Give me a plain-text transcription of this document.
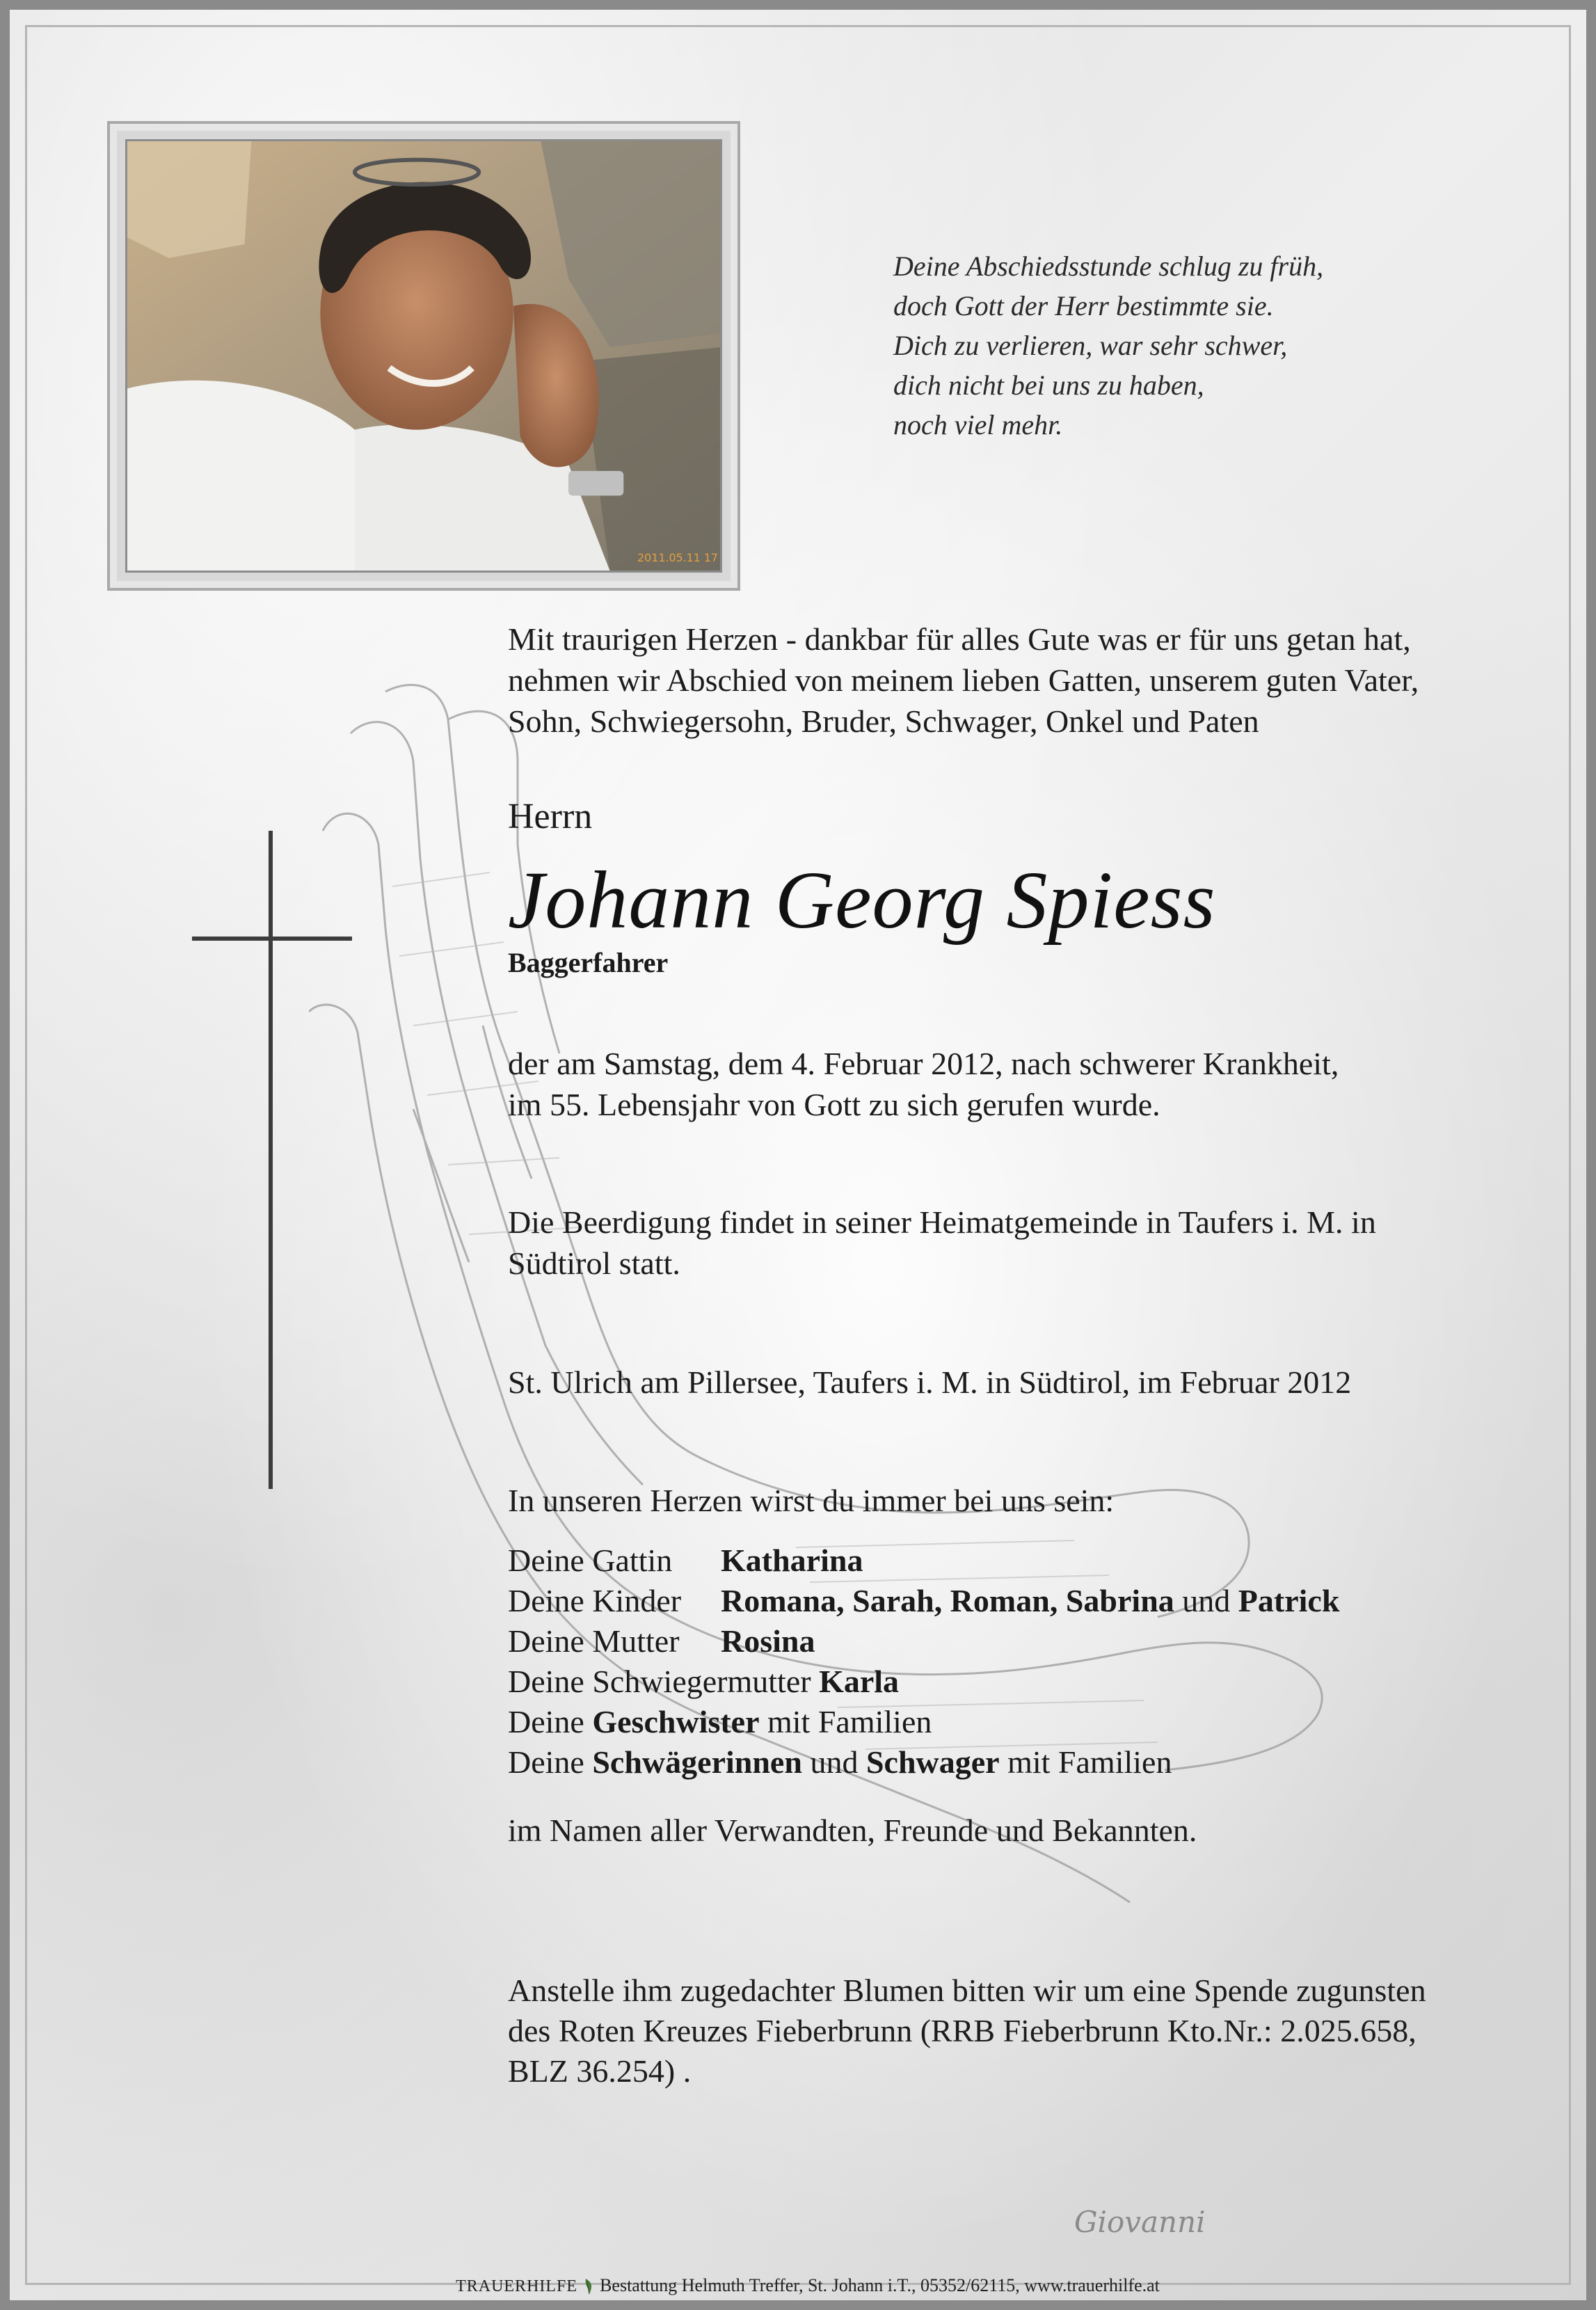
2011.05.11 17
Deine Abschiedsstunde schlug zu früh,
doch Gott der Herr bestimmte sie.
Dich zu verlieren, war sehr schwer,
dich nicht bei uns zu haben,
noch viel mehr.
Mit traurigen Herzen - dankbar für alles Gute was er für uns getan hat,
nehmen wir Abschied von meinem lieben Gatten, unserem guten Vater,
Sohn, Schwiegersohn, Bruder, Schwager, Onkel und Paten
Herrn
Johann Georg Spiess
Baggerfahrer
der am Samstag, dem 4. Februar 2012, nach schwerer Krankheit,
im 55. Lebensjahr von Gott zu sich gerufen wurde.
Die Beerdigung findet in seiner Heimatgemeinde in Taufers i. M. in
Südtirol statt.
St. Ulrich am Pillersee, Taufers i. M. in Südtirol, im Februar 2012
In unseren Herzen wirst du immer bei uns sein:
Deine Gattin Katharina
Deine Kinder Romana, Sarah, Roman, Sabrina und Patrick
Deine Mutter Rosina
Deine Schwiegermutter Karla
Deine Geschwister mit Familien
Deine Schwägerinnen und Schwager mit Familien
im Namen aller Verwandten, Freunde und Bekannten.
Anstelle ihm zugedachter Blumen bitten wir um eine Spende zugunsten
des Roten Kreuzes Fieberbrunn (RRB Fieberbrunn Kto.Nr.: 2.025.658,
BLZ 36.254) .
Giovanni
TRAUERHILFE Bestattung Helmuth Treffer, St. Johann i.T., 05352/62115, www.trauerhilfe.at
